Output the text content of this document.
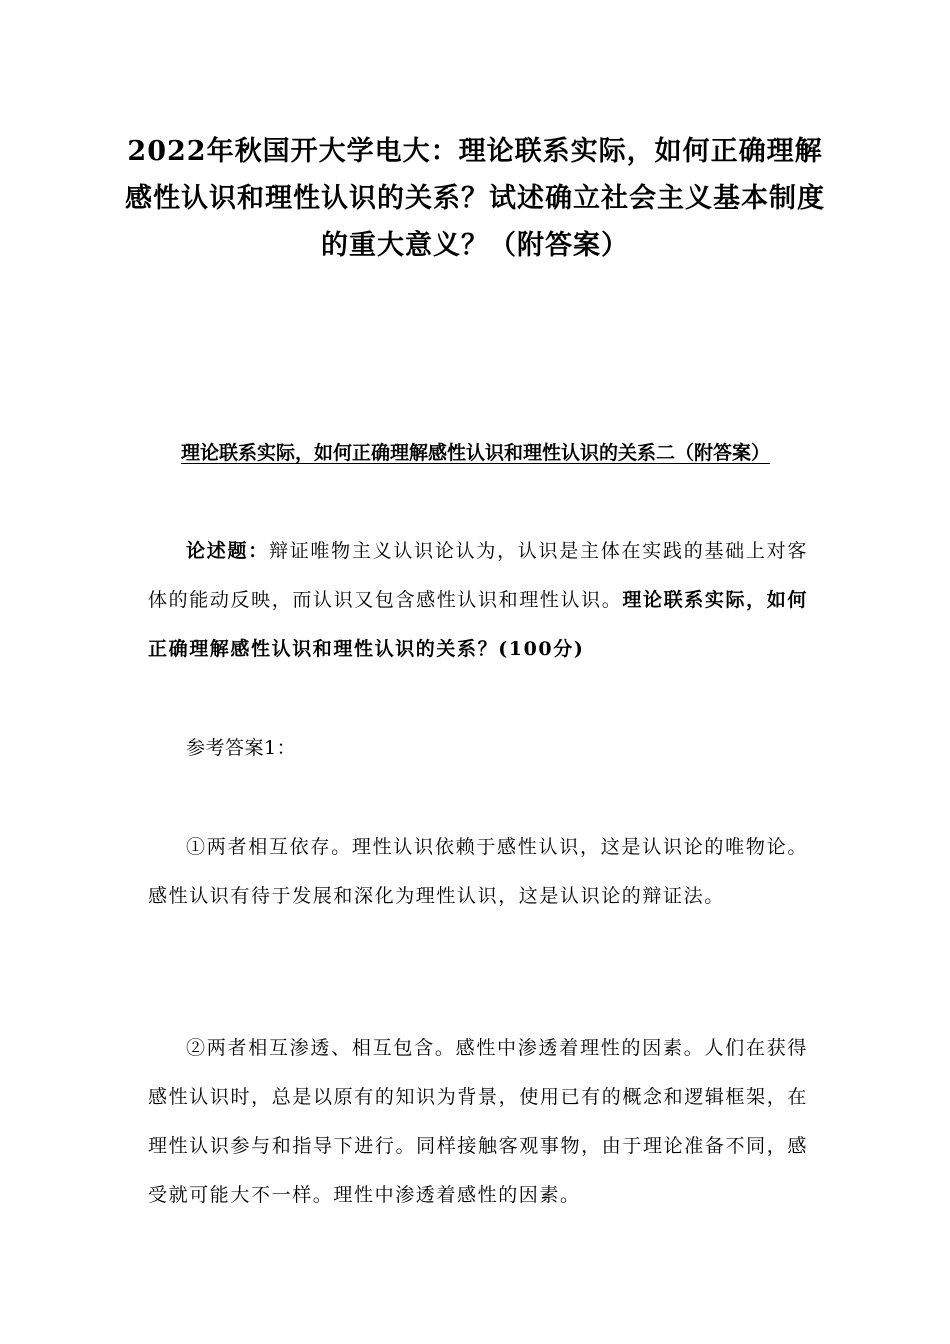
2022年秋国开大学电大：理论联系实际，如何正确理解感性认识和理性认识的关系？试述确立社会主义基本制度的重大意义？（附答案）
理论联系实际，如何正确理解感性认识和理性认识的关系二（附答案）

论述题：辩证唯物主义认识论认为，认识是主体在实践的基础上对客体的能动反映，而认识又包含感性认识和理性认识。理论联系实际，如何正确理解感性认识和理性认识的关系？(100分)

参考答案1：

①两者相互依存。理性认识依赖于感性认识，这是认识论的唯物论。感性认识有待于发展和深化为理性认识，这是认识论的辩证法。

②两者相互渗透、相互包含。感性中渗透着理性的因素。人们在获得感性认识时，总是以原有的知识为背景，使用已有的概念和逻辑框架，在理性认识参与和指导下进行。同样接触客观事物，由于理论准备不同，感受就可能大不一样。理性中渗透着感性的因素。
